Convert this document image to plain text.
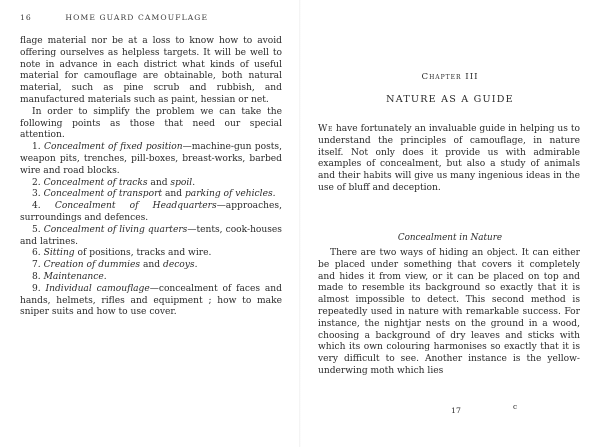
16	HOME GUARD CAMOUFLAGE

flage material nor be at a loss to know how to avoid offering ourselves as helpless targets. It will be well to note in advance in each district what kinds of useful material for camouflage are obtainable, both natural material, such as pine scrub and rubbish, and manufactured materials such as paint, hessian or net.

In order to simplify the problem we can take the following points as those that need our special attention.

1. Concealment of fixed position—machine-gun posts, weapon pits, trenches, pill-boxes, breast-works, barbed wire and road blocks.

2. Concealment of tracks and spoil.

3. Concealment of transport and parking of vehicles.

4. Concealment of Headquarters—approaches, surroundings and defences.

5. Concealment of living quarters—tents, cook-houses and latrines.

6. Sitting of positions, tracks and wire.

7. Creation of dummies and decoys.

8. Maintenance.

9. Individual camouflage—concealment of faces and hands, helmets, rifles and equipment ; how to make sniper suits and how to use cover.

Chapter III
NATURE AS A GUIDE

We have fortunately an invaluable guide in helping us to understand the principles of camouflage, in nature itself. Not only does it provide us with admirable examples of concealment, but also a study of animals and their habits will give us many ingenious ideas in the use of bluff and deception.

Concealment in Nature

There are two ways of hiding an object. It can either be placed under something that covers it completely and hides it from view, or it can be placed on top and made to resemble its background so exactly that it is almost impossible to detect. This second method is repeatedly used in nature with remarkable success. For instance, the nightjar nests on the ground in a wood, choosing a background of dry leaves and sticks with which its own colouring harmonises so exactly that it is very difficult to see. Another instance is the yellow-underwing moth which lies

17	c
